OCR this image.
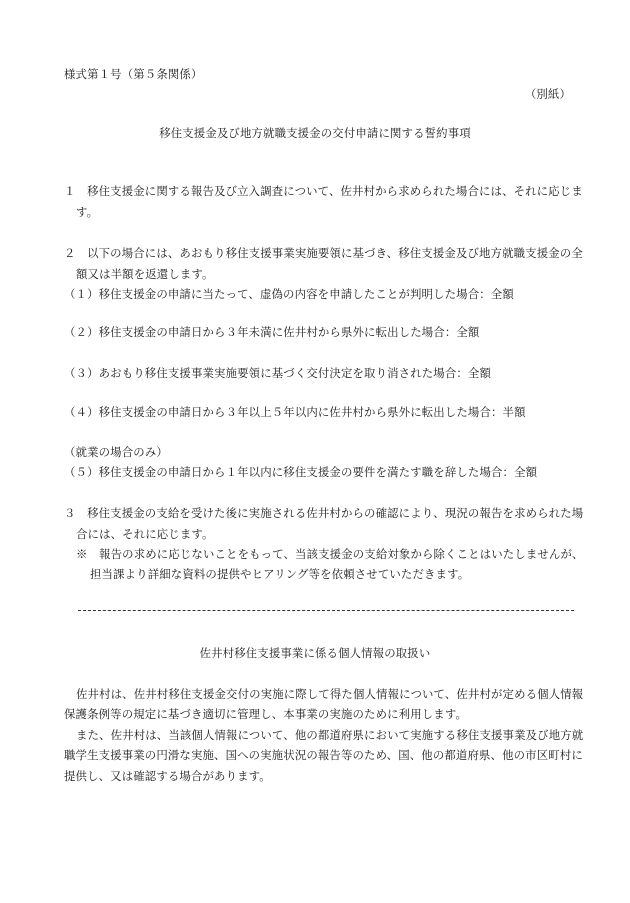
様式第１号（第５条関係）
（別紙）
移住支援金及び地方就職支援金の交付申請に関する誓約事項
１　移住支援金に関する報告及び立入調査について、佐井村から求められた場合には、それに応じま
す。
２　以下の場合には、あおもり移住支援事業実施要領に基づき、移住支援金及び地方就職支援金の全
額又は半額を返還します。
（１）移住支援金の申請に当たって、虚偽の内容を申請したことが判明した場合：全額
（２）移住支援金の申請日から３年未満に佐井村から県外に転出した場合：全額
（３）あおもり移住支援事業実施要領に基づく交付決定を取り消された場合：全額
（４）移住支援金の申請日から３年以上５年以内に佐井村から県外に転出した場合：半額
（就業の場合のみ）
（５）移住支援金の申請日から１年以内に移住支援金の要件を満たす職を辞した場合：全額
３　移住支援金の支給を受けた後に実施される佐井村からの確認により、現況の報告を求められた場
合には、それに応じます。
※　報告の求めに応じないことをもって、当該支援金の支給対象から除くことはいたしませんが、
担当課より詳細な資料の提供やヒアリング等を依頼させていただきます。
佐井村移住支援事業に係る個人情報の取扱い
佐井村は、佐井村移住支援金交付の実施に際して得た個人情報について、佐井村が定める個人情報
保護条例等の規定に基づき適切に管理し、本事業の実施のために利用します。
また、佐井村は、当該個人情報について、他の都道府県において実施する移住支援事業及び地方就
職学生支援事業の円滑な実施、国への実施状況の報告等のため、国、他の都道府県、他の市区町村に
提供し、又は確認する場合があります。
